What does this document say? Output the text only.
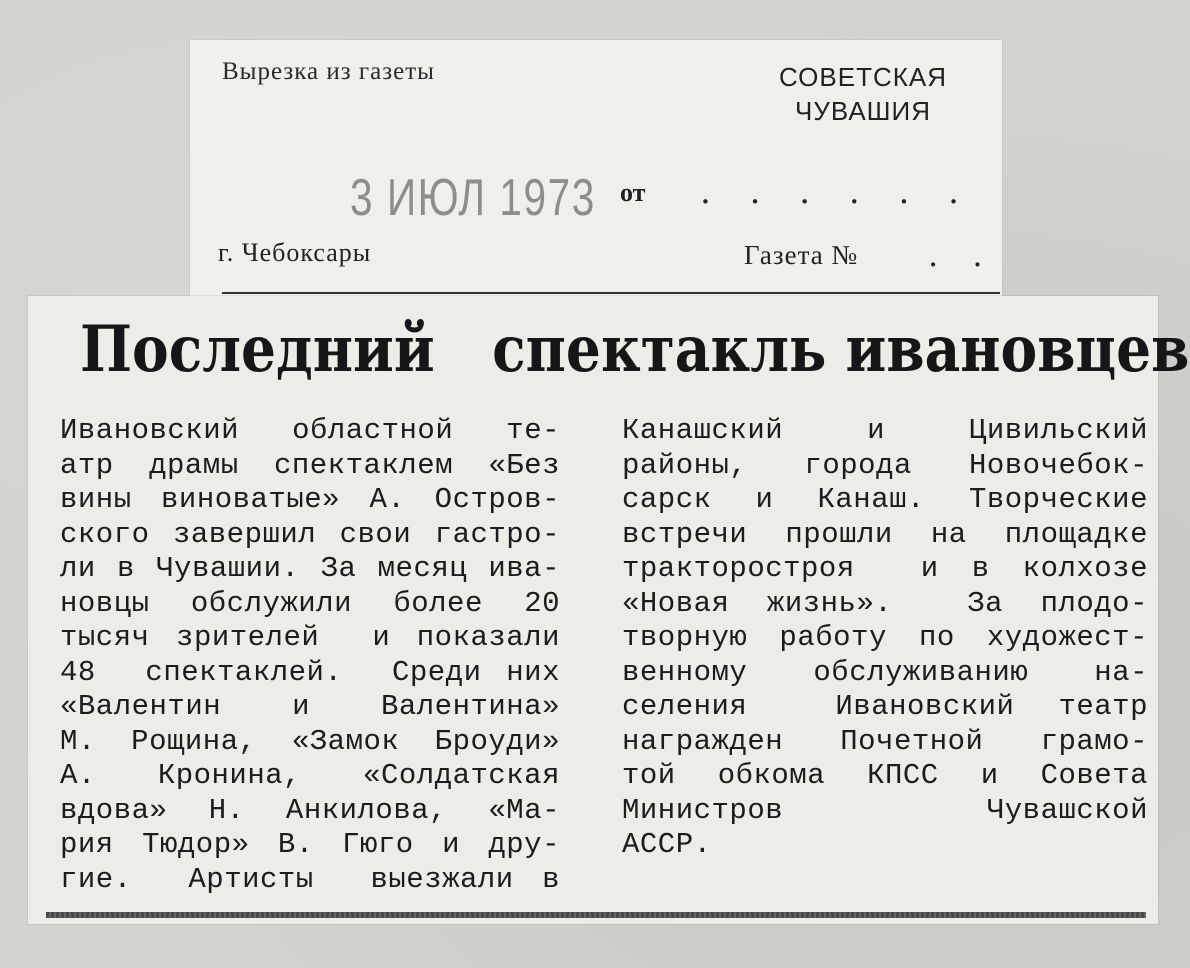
Вырезка из газеты	СОВЕТСКАЯ
ЧУВАШИЯ
3 ИЮЛ 1973 от . . . . . .
г. Чебоксары	Газета № . .
Последний   спектакль ивановцев
Ивановский областной те-
атр драмы спектаклем «Без
вины виноватые» А. Остров-
ского завершил свои гастро-
ли в Чувашии. За месяц ива-
новцы обслужили более 20
тысяч зрителей  и показали
48  спектаклей.  Среди них
«Валентин  и  Валентина»
М. Рощина, «Замок Броуди»
А.  Кронина,  «Солдатская
вдова» Н. Анкилова, «Ма-
рия Тюдор» В. Гюго и дру-
гие.  Артисты  выезжали в
Канашский  и  Цивильский
районы, города Новочебок-
сарск и Канаш. Творческие
встречи прошли на площадке
тракторостроя  и в колхозе
«Новая жизнь».  За плодо-
творную работу по художест-
венному обслуживанию на-
селения  Ивановский театр
награжден Почетной грамо-
той обкома КПСС и Совета
Министров        Чувашской
АССР.
